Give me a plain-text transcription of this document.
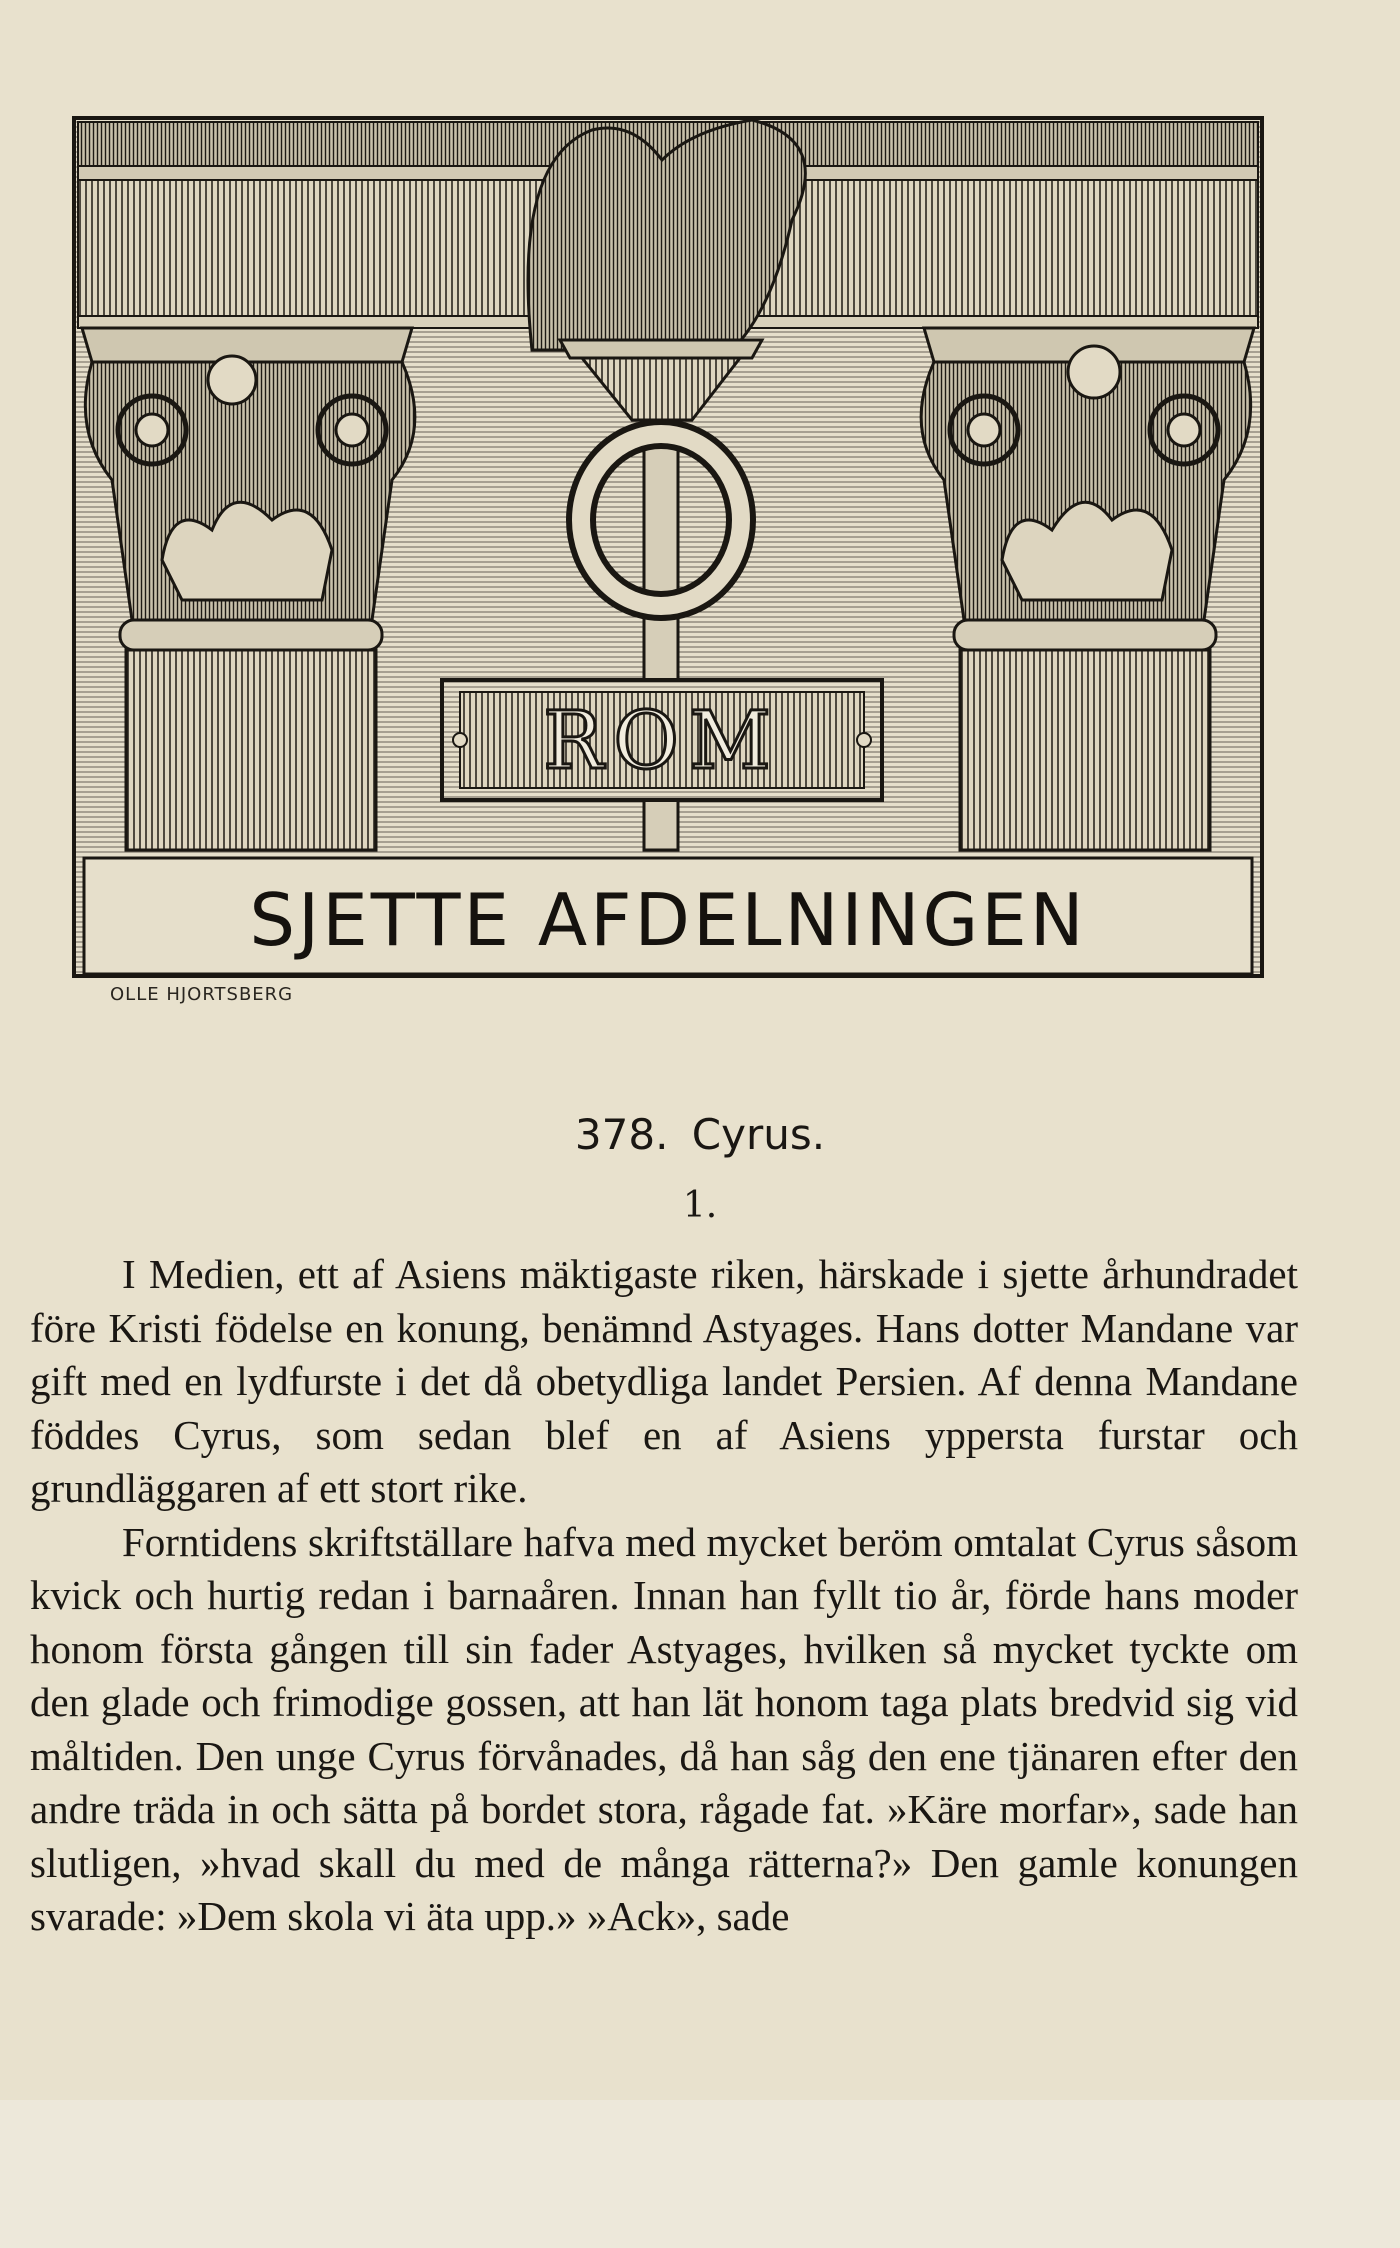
ROM
SJETTE AFDELNINGEN
OLLE HJORTSBERG
378. Cyrus.
1.

I Medien, ett af Asiens mäktigaste riken, härskade i sjette århundradet före Kristi födelse en konung, benämnd Astyages. Hans dotter Mandane var gift med en lydfurste i det då obetydliga landet Persien. Af denna Mandane föddes Cyrus, som sedan blef en af Asiens yppersta furstar och grundläggaren af ett stort rike.

Forntidens skriftställare hafva med mycket beröm omtalat Cyrus såsom kvick och hurtig redan i barnaåren. Innan han fyllt tio år, förde hans moder honom första gången till sin fader Astyages, hvilken så mycket tyckte om den glade och frimodige gossen, att han lät honom taga plats bredvid sig vid måltiden. Den unge Cyrus förvånades, då han såg den ene tjänaren efter den andre träda in och sätta på bordet stora, rågade fat. »Käre morfar», sade han slutligen, »hvad skall du med de många rätterna?» Den gamle konungen svarade: »Dem skola vi äta upp.» »Ack», sade
